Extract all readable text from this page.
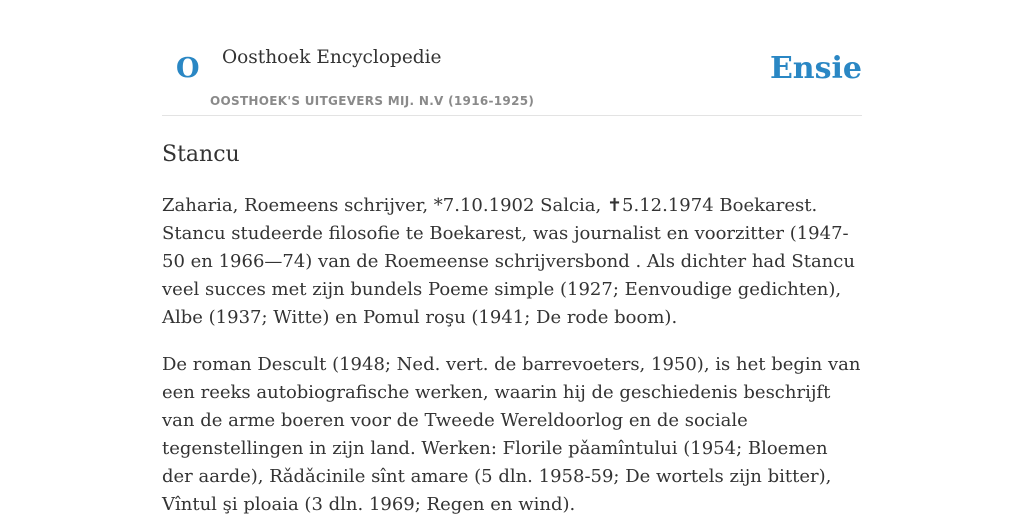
O Oosthoek Encyclopedie
OOSTHOEK'S UITGEVERS MIJ. N.V (1916-1925)
Ensie
Stancu

Zaharia, Roemeens schrijver, *7.10.1902 Salcia, ✝5.12.1974 Boekarest. Stancu studeerde filosofie te Boekarest, was journalist en voorzitter (1947-50 en 1966—74) van de Roemeense schrijversbond . Als dichter had Stancu veel succes met zijn bundels Poeme simple (1927; Eenvoudige gedichten), Albe (1937; Witte) en Pomul roşu (1941; De rode boom).

De roman Descult (1948; Ned. vert. de barrevoeters, 1950), is het begin van een reeks autobiografische werken, waarin hij de geschiedenis beschrijft van de arme boeren voor de Tweede Wereldoorlog en de sociale tegenstellingen in zijn land. Werken: Florile pǎamîntului (1954; Bloemen der aarde), Rǎdǎcinile sînt amare (5 dln. 1958-59; De wortels zijn bitter), Vîntul şi ploaia (3 dln. 1969; Regen en wind).
